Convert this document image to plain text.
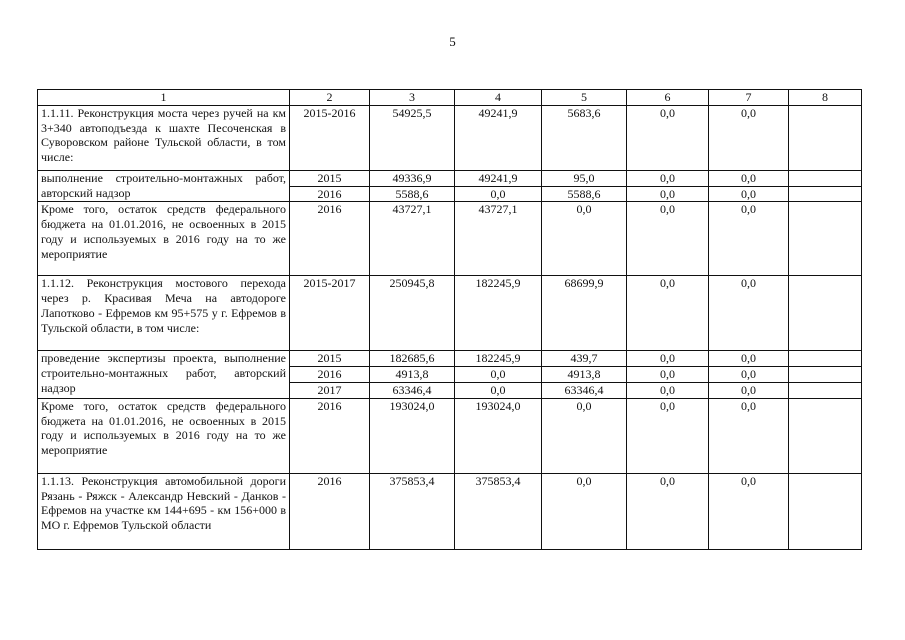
5
1	2	3	4	5	6	7	8
1.1.11. Реконструкция моста через ручей на км 3+340 автоподъезда к шахте Песоченская в Суворовском районе Тульской области, в том числе:	2015-2016	54925,5	49241,9	5683,6	0,0	0,0	
выполнение строительно-монтажных работ, авторский надзор	2015	49336,9	49241,9	95,0	0,0	0,0	
	2016	5588,6	0,0	5588,6	0,0	0,0	
Кроме того, остаток средств федерального бюджета на 01.01.2016, не освоенных в 2015 году и используемых в 2016 году на то же мероприятие	2016	43727,1	43727,1	0,0	0,0	0,0	
1.1.12. Реконструкция мостового перехода через р. Красивая Меча на автодороге Лапотково - Ефремов км 95+575 у г. Ефремов в Тульской области, в том числе:	2015-2017	250945,8	182245,9	68699,9	0,0	0,0	
проведение экспертизы проекта, выполнение строительно-монтажных работ, авторский надзор	2015	182685,6	182245,9	439,7	0,0	0,0	
	2016	4913,8	0,0	4913,8	0,0	0,0	
	2017	63346,4	0,0	63346,4	0,0	0,0	
Кроме того, остаток средств федерального бюджета на 01.01.2016, не освоенных в 2015 году и используемых в 2016 году на то же мероприятие	2016	193024,0	193024,0	0,0	0,0	0,0	
1.1.13. Реконструкция автомобильной дороги Рязань - Ряжск - Александр Невский - Данков - Ефремов на участке км 144+695 - км 156+000 в МО г. Ефремов Тульской области	2016	375853,4	375853,4	0,0	0,0	0,0	
